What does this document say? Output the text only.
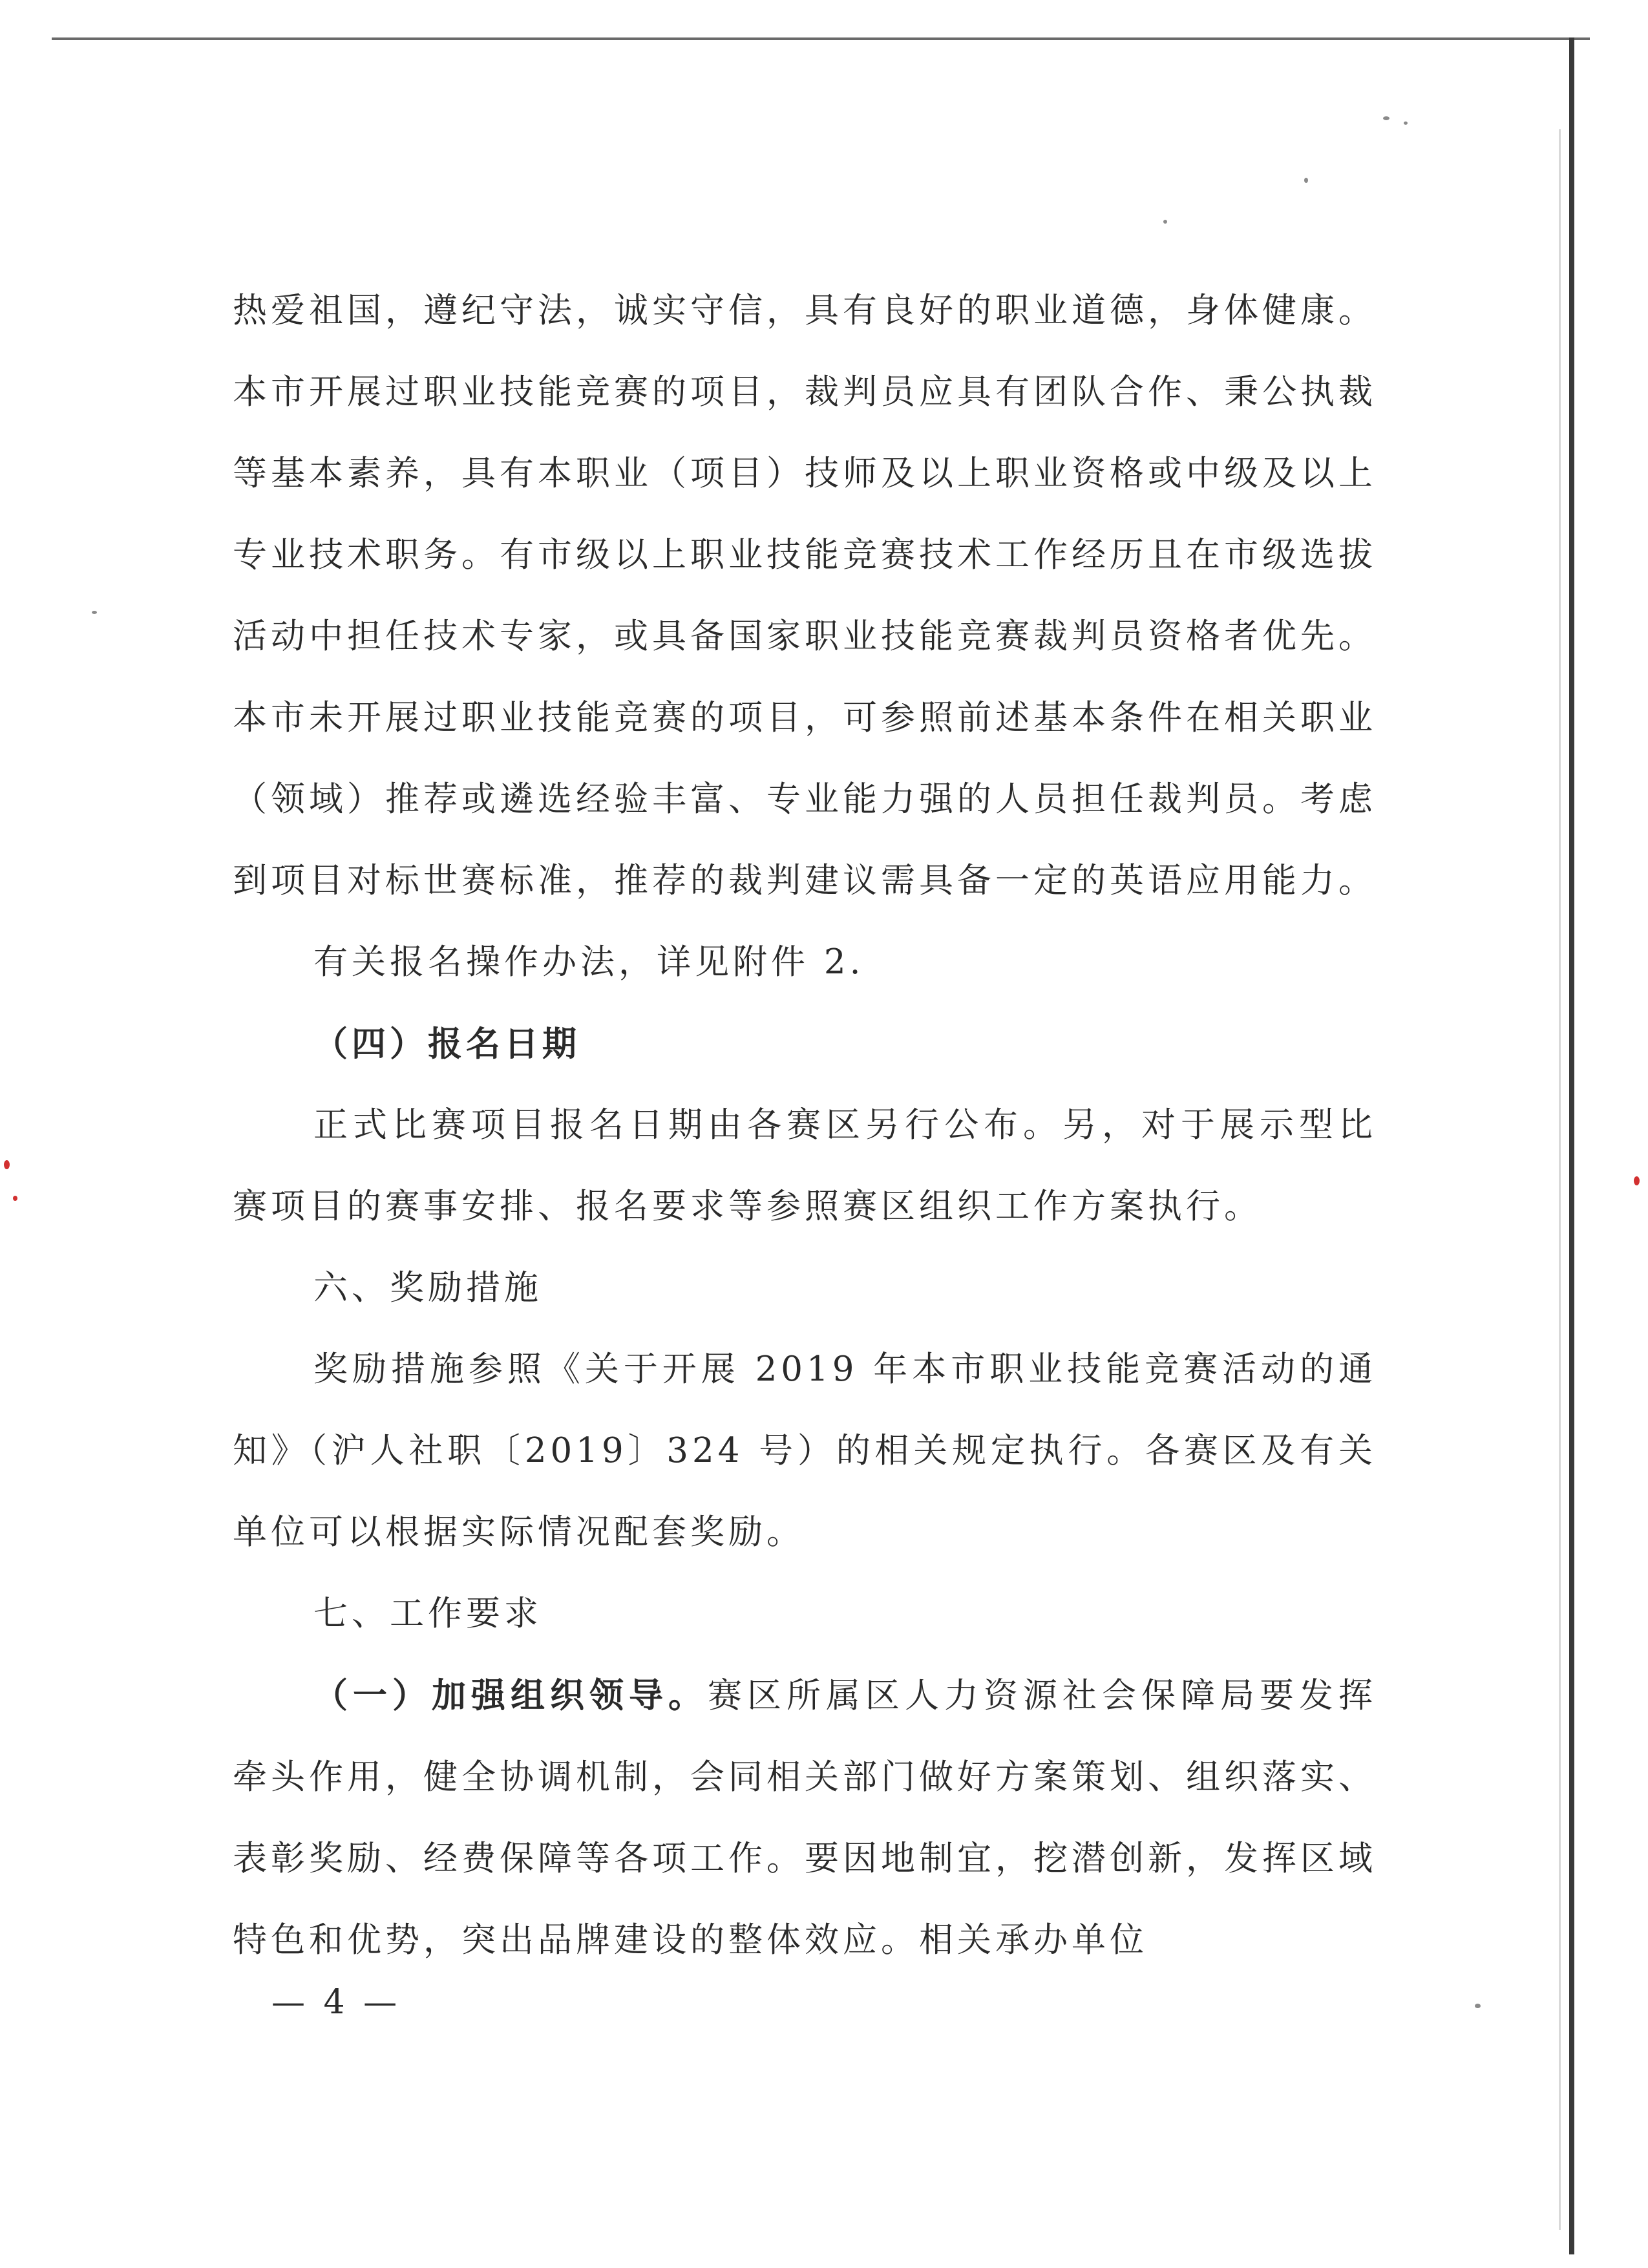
热爱祖国，遵纪守法，诚实守信，具有良好的职业道德，身体健康。本市开展过职业技能竞赛的项目，裁判员应具有团队合作、秉公执裁等基本素养，具有本职业（项目）技师及以上职业资格或中级及以上专业技术职务。有市级以上职业技能竞赛技术工作经历且在市级选拔活动中担任技术专家，或具备国家职业技能竞赛裁判员资格者优先。本市未开展过职业技能竞赛的项目，可参照前述基本条件在相关职业（领域）推荐或遴选经验丰富、专业能力强的人员担任裁判员。考虑到项目对标世赛标准，推荐的裁判建议需具备一定的英语应用能力。

有关报名操作办法，详见附件 2.

（四）报名日期

正式比赛项目报名日期由各赛区另行公布。另，对于展示型比赛项目的赛事安排、报名要求等参照赛区组织工作方案执行。

六、奖励措施

奖励措施参照《关于开展 2019 年本市职业技能竞赛活动的通知》（沪人社职〔2019〕324 号）的相关规定执行。各赛区及有关单位可以根据实际情况配套奖励。

七、工作要求

（一）加强组织领导。赛区所属区人力资源社会保障局要发挥牵头作用，健全协调机制，会同相关部门做好方案策划、组织落实、表彰奖励、经费保障等各项工作。要因地制宜，挖潜创新，发挥区域特色和优势，突出品牌建设的整体效应。相关承办单位

— 4 —
